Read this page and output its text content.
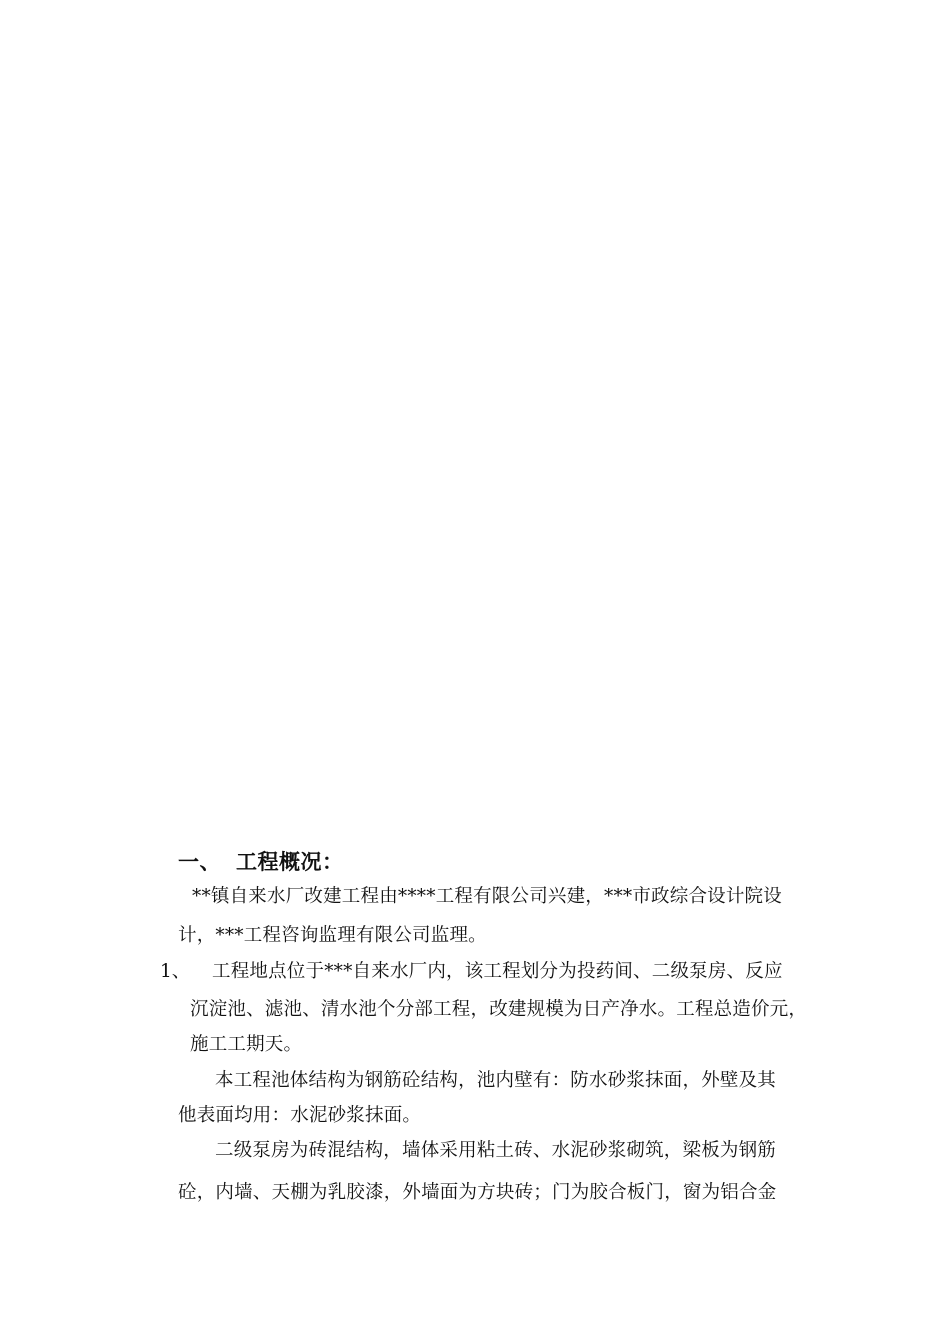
一、 工程概况：
**镇自来水厂改建工程由****工程有限公司兴建，***市政综合设计院设
计，***工程咨询监理有限公司监理。
1、 工程地点位于***自来水厂内，该工程划分为投药间、二级泵房、反应
沉淀池、滤池、清水池个分部工程，改建规模为日产净水。工程总造价元，
施工工期天。
本工程池体结构为钢筋砼结构，池内壁有：防水砂浆抹面，外壁及其
他表面均用：水泥砂浆抹面。
二级泵房为砖混结构，墙体采用粘土砖、水泥砂浆砌筑，梁板为钢筋
砼，内墙、天棚为乳胶漆，外墙面为方块砖；门为胶合板门，窗为铝合金
